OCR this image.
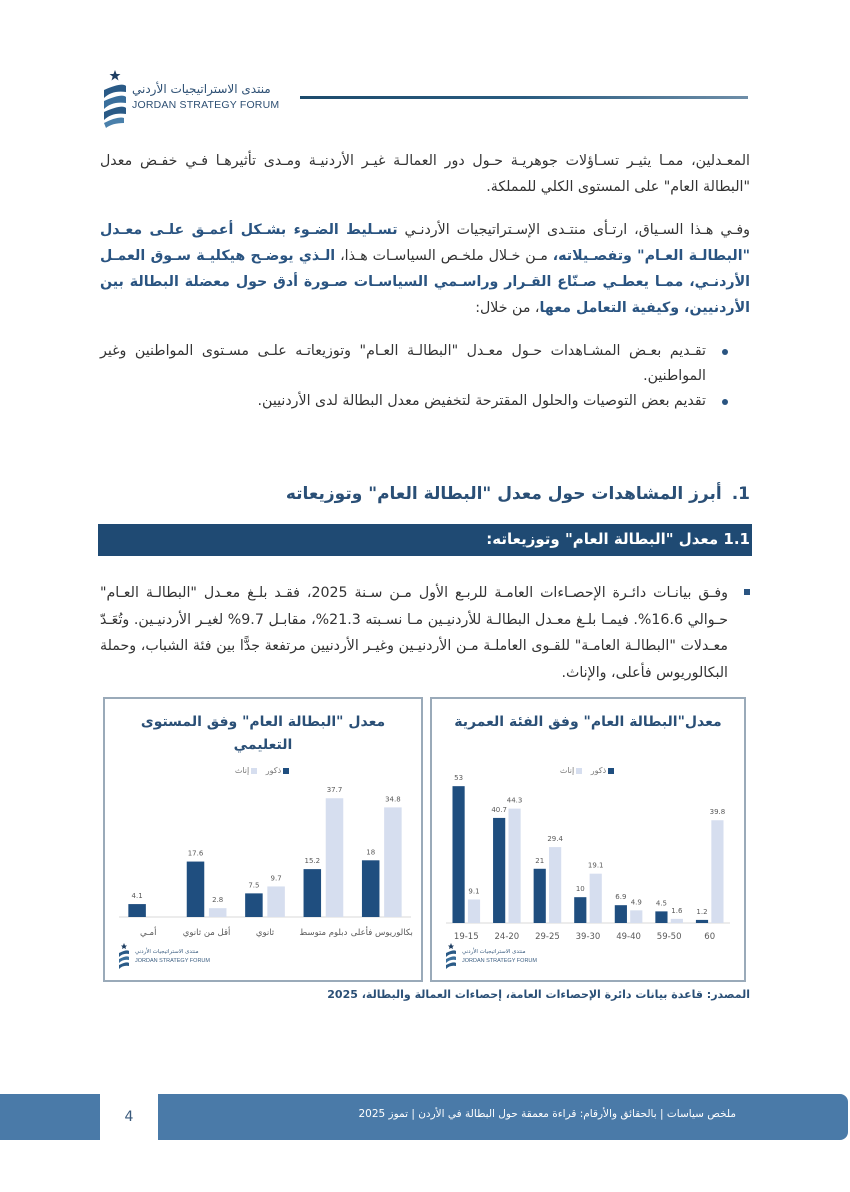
منتدى الاستراتيجيات الأردني
JORDAN STRATEGY FORUM

المعـدلين، ممـا يثيـر تسـاؤلات جوهريـة حـول دور العمالـة غيـر الأردنيـة ومـدى تأثيرهـا فـي خفـض معدل "البطالة العام" على المستوى الكلي للمملكة.

وفـي هـذا السـياق، ارتـأى منتـدى الإسـتراتيجيات الأردنـي تسـليط الضـوء بشـكل أعمـق علـى معـدل "البطالـة العـام" وتفصـيلاته، مـن خـلال ملخـص السياسـات هـذا، الـذي يوضـح هيكليـة سـوق العمـل الأردنـي، ممـا يعطـي صـنّاع القـرار وراسـمي السياسـات صـورة أدق حول معضلة البطالة بين الأردنيين، وكيفية التعامل معها، من خلال:

تقـديم بعـض المشـاهدات حـول معـدل "البطالـة العـام" وتوزيعاتـه علـى مسـتوى المواطنين وغير المواطنين.
تقديم بعض التوصيات والحلول المقترحة لتخفيض معدل البطالة لدى الأردنيين.
1.أبرز المشاهدات حول معدل "البطالة العام" وتوزيعاته
1.1 معدل "البطالة العام" وتوزيعاته:

وفـق بيانـات دائـرة الإحصـاءات العامـة للربـع الأول مـن سـنة 2025، فقـد بلـغ معـدل "البطالـة العـام" حـوالي 16.6%. فيمـا بلـغ معـدل البطالـة للأردنيـين مـا نسـبته 21.3%، مقابـل 9.7% لغيـر الأردنيـين. وتُعَـدّ معـدلات "البطالـة العامـة" للقـوى العاملـة مـن الأردنيـين وغيـر الأردنيين مرتفعة جدًّا بين فئة الشباب، وحملة البكالوريوس فأعلى، والإناث.

معدل "البطالة العام" وفق المستوى التعليمي
ذكور إناث
4.1
أمـي
17.6
2.8
أقل من ثانوي
7.5
9.7
ثانوي
15.2
37.7
دبلوم متوسط
18
34.8
بكالوريوس فأعلى
منتدى الاستراتيجيات الأردني
JORDAN STRATEGY FORUM
معدل"البطالة العام" وفق الفئة العمرية
ذكور إناث
53
9.1
19-15
40.7
44.3
24-20
21
29.4
29-25
10
19.1
39-30
6.9
4.9
49-40
4.5
1.6
59-50
1.2
39.8
60
منتدى الاستراتيجيات الأردني
JORDAN STRATEGY FORUM
المصدر: قاعدة بيانات دائرة الإحصاءات العامة، إحصاءات العمالة والبطالة، 2025
4	ملخص سياسات | بالحقائق والأرقام: قراءة معمقة حول البطالة في الأردن | تموز 2025
